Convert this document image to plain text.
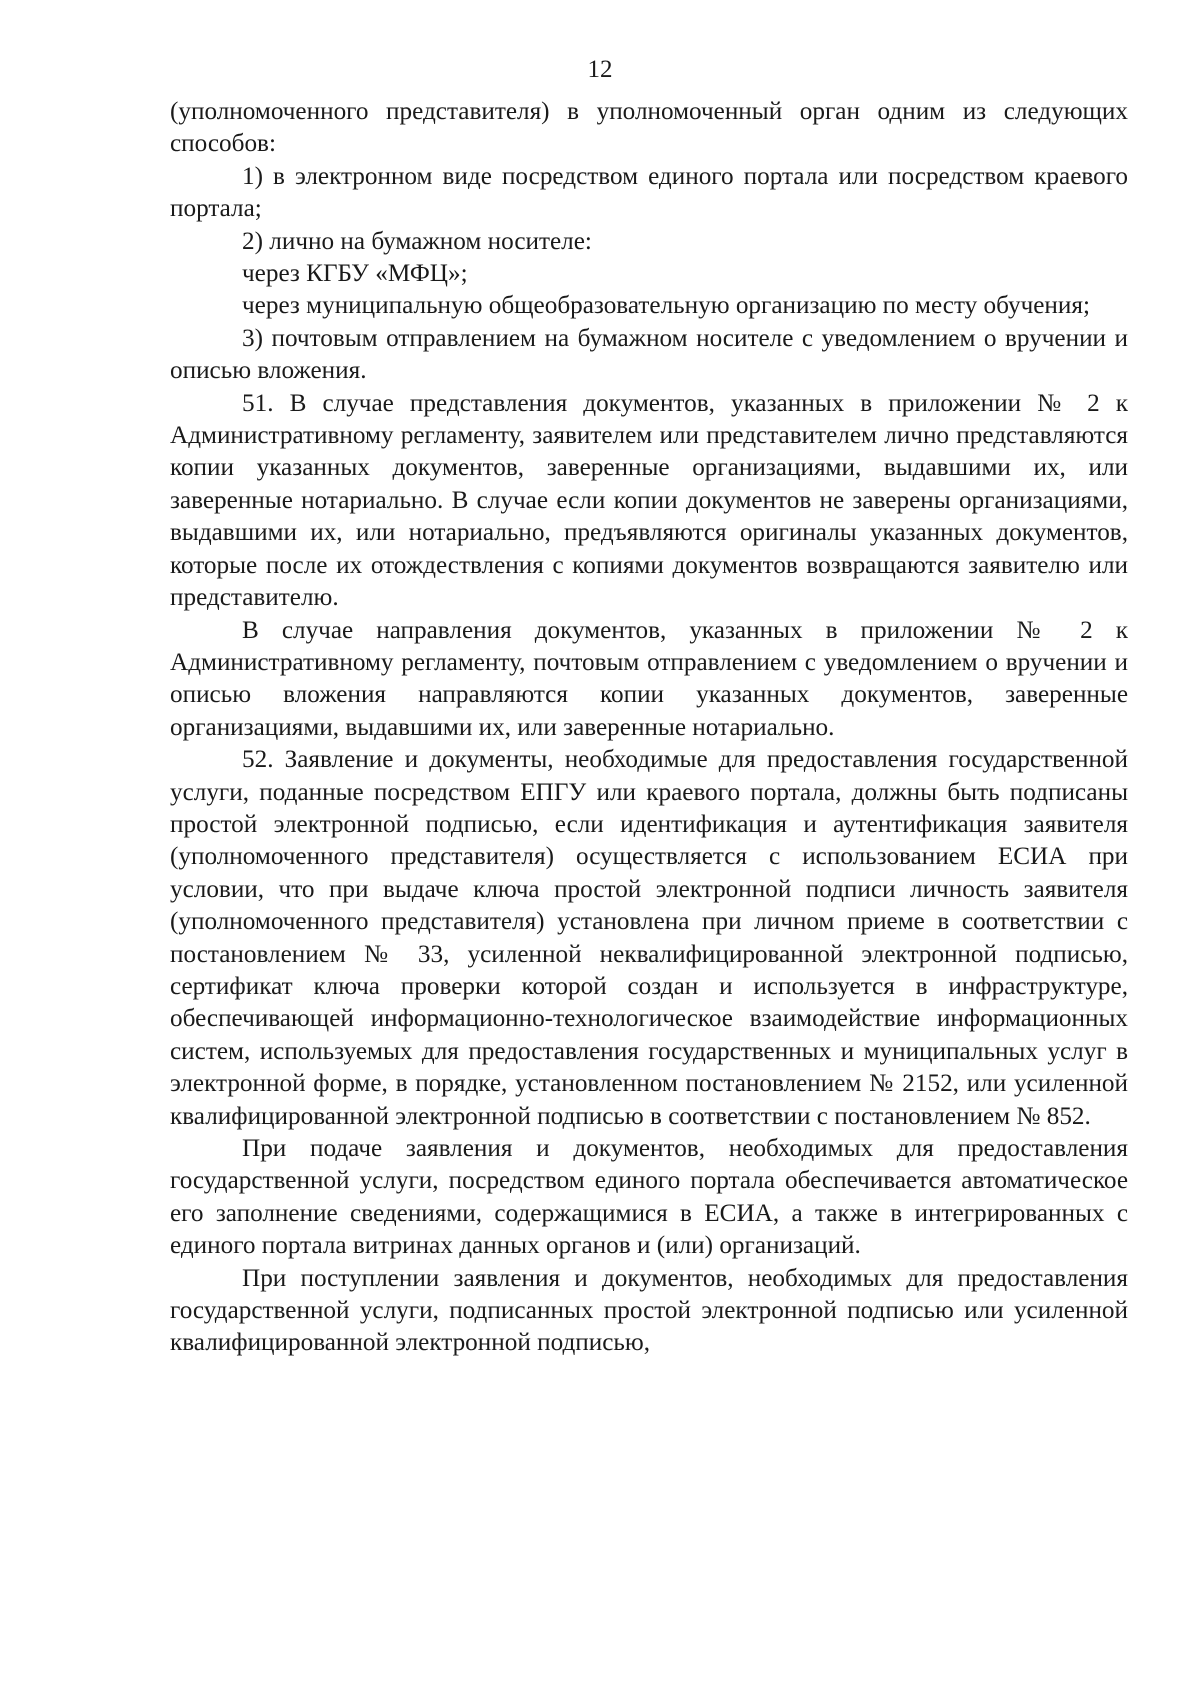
12

(уполномоченного представителя) в уполномоченный орган одним из следующих способов:

1) в электронном виде посредством единого портала или посредством краевого портала;

2) лично на бумажном носителе:

через КГБУ «МФЦ»;

через муниципальную общеобразовательную организацию по месту обучения;

3) почтовым отправлением на бумажном носителе с уведомлением о вручении и описью вложения.

51. В случае представления документов, указанных в приложении № 2 к Административному регламенту, заявителем или представителем лично представляются копии указанных документов, заверенные организациями, выдавшими их, или заверенные нотариально. В случае если копии документов не заверены организациями, выдавшими их, или нотариально, предъявляются оригиналы указанных документов, которые после их отождествления с копиями документов возвращаются заявителю или представителю.

В случае направления документов, указанных в приложении № 2 к Административному регламенту, почтовым отправлением с уведомлением о вручении и описью вложения направляются копии указанных документов, заверенные организациями, выдавшими их, или заверенные нотариально.

52. Заявление и документы, необходимые для предоставления государственной услуги, поданные посредством ЕПГУ или краевого портала, должны быть подписаны простой электронной подписью, если идентификация и аутентификация заявителя (уполномоченного представителя) осуществляется с использованием ЕСИА при условии, что при выдаче ключа простой электронной подписи личность заявителя (уполномоченного представителя) установлена при личном приеме в соответствии с постановлением № 33, усиленной неквалифицированной электронной подписью, сертификат ключа проверки которой создан и используется в инфраструктуре, обеспечивающей информационно-технологическое взаимодействие информационных систем, используемых для предоставления государственных и муниципальных услуг в электронной форме, в порядке, установленном постановлением № 2152, или усиленной квалифицированной электронной подписью в соответствии с постановлением № 852.

При подаче заявления и документов, необходимых для предоставления государственной услуги, посредством единого портала обеспечивается автоматическое его заполнение сведениями, содержащимися в ЕСИА, а также в интегрированных с единого портала витринах данных органов и (или) организаций.

При поступлении заявления и документов, необходимых для предоставления государственной услуги, подписанных простой электронной подписью или усиленной квалифицированной электронной подписью,
